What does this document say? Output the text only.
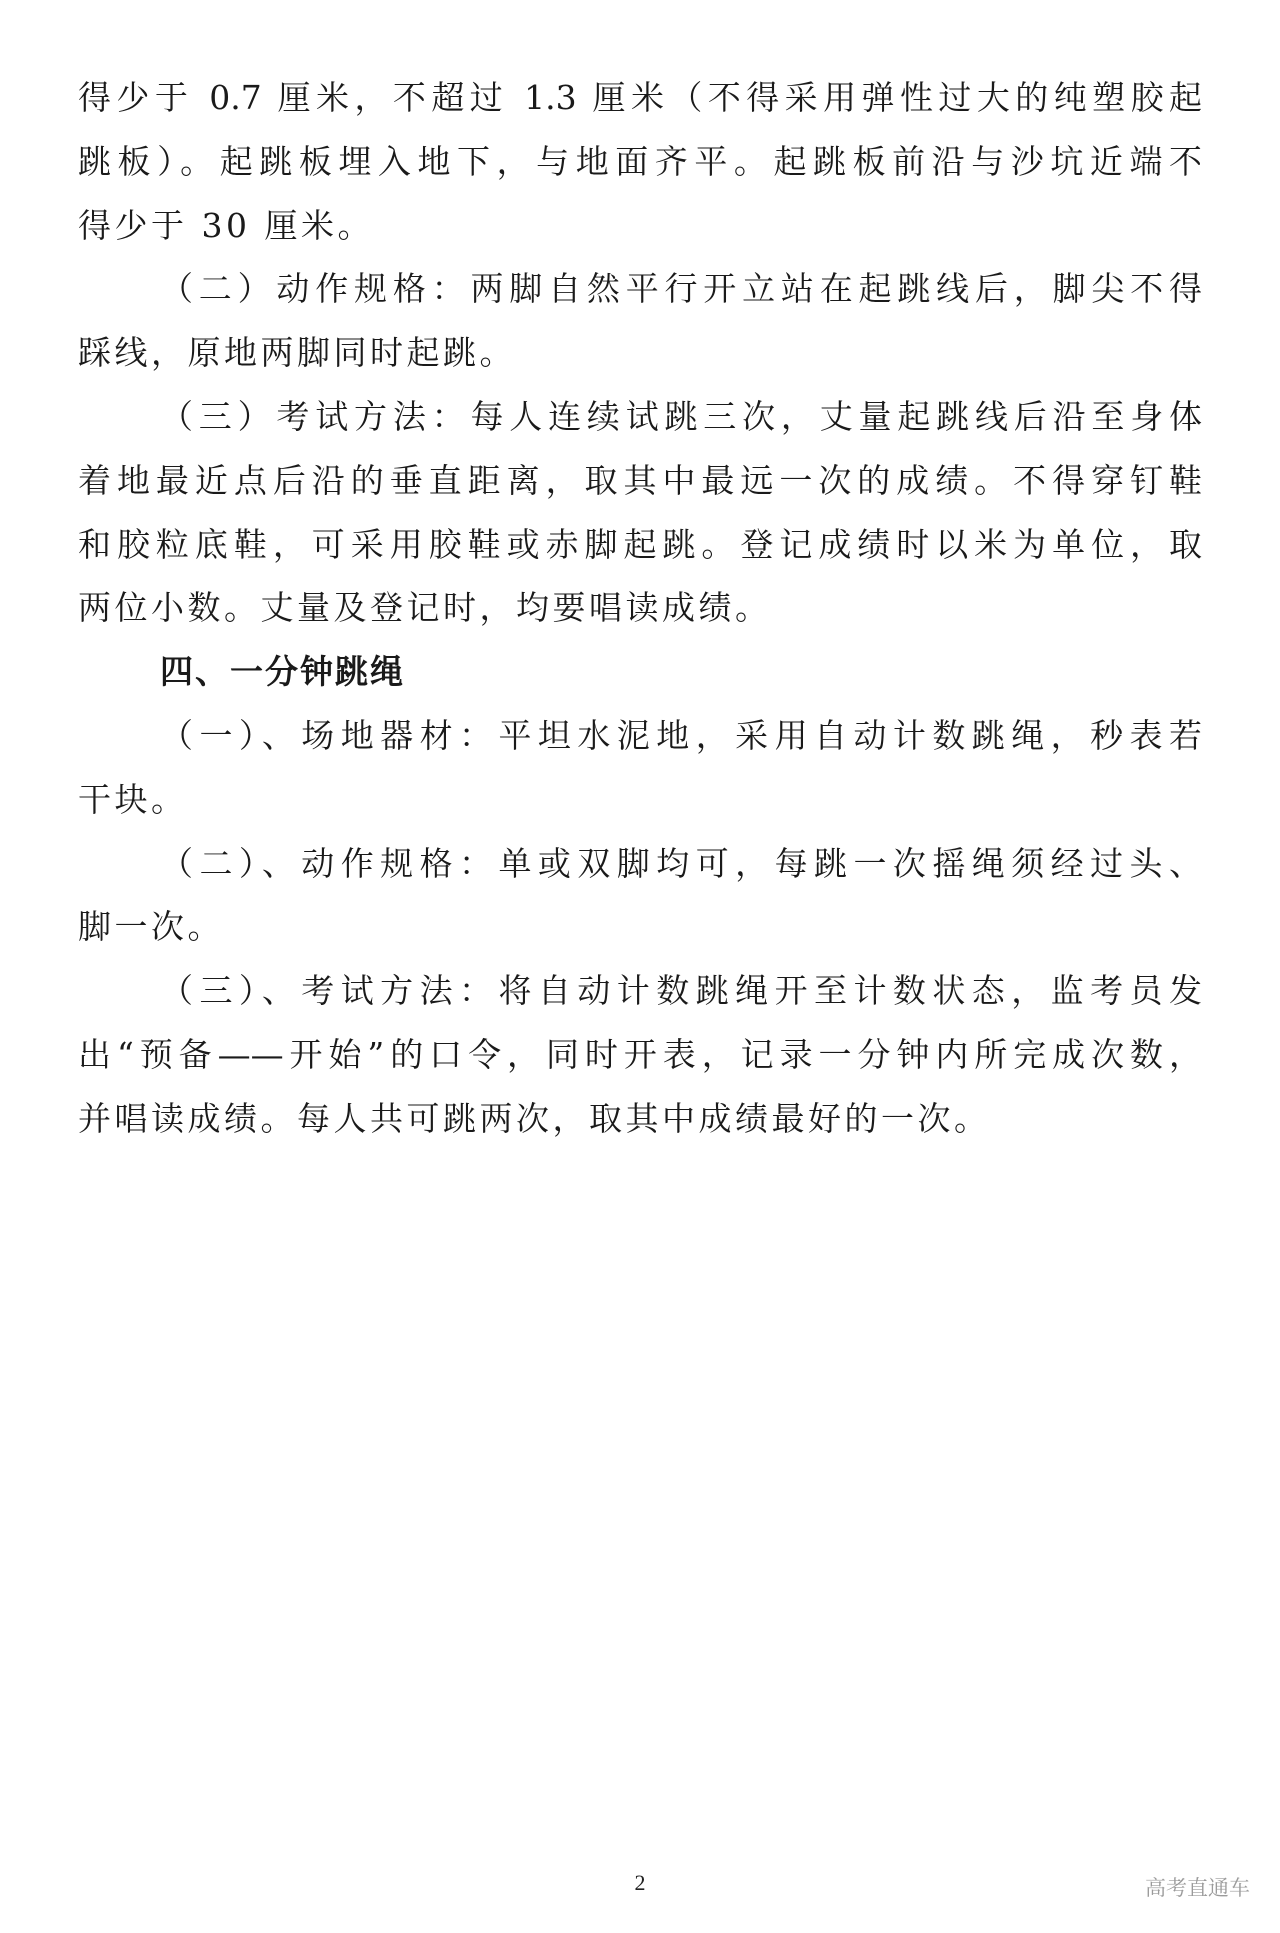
得少于 0.7 厘米，不超过 1.3 厘米（不得采用弹性过大的纯塑胶起
跳板）。起跳板埋入地下，与地面齐平。起跳板前沿与沙坑近端不
得少于 30 厘米。
（二）动作规格：两脚自然平行开立站在起跳线后，脚尖不得
踩线，原地两脚同时起跳。
（三）考试方法：每人连续试跳三次，丈量起跳线后沿至身体
着地最近点后沿的垂直距离，取其中最远一次的成绩。不得穿钉鞋
和胶粒底鞋，可采用胶鞋或赤脚起跳。登记成绩时以米为单位，取
两位小数。丈量及登记时，均要唱读成绩。
四、一分钟跳绳
（一）、场地器材：平坦水泥地，采用自动计数跳绳，秒表若
干块。
（二）、动作规格：单或双脚均可，每跳一次摇绳须经过头、
脚一次。
（三）、考试方法：将自动计数跳绳开至计数状态，监考员发
出“预备——开始”的口令，同时开表，记录一分钟内所完成次数，
并唱读成绩。每人共可跳两次，取其中成绩最好的一次。
2	高考直通车
